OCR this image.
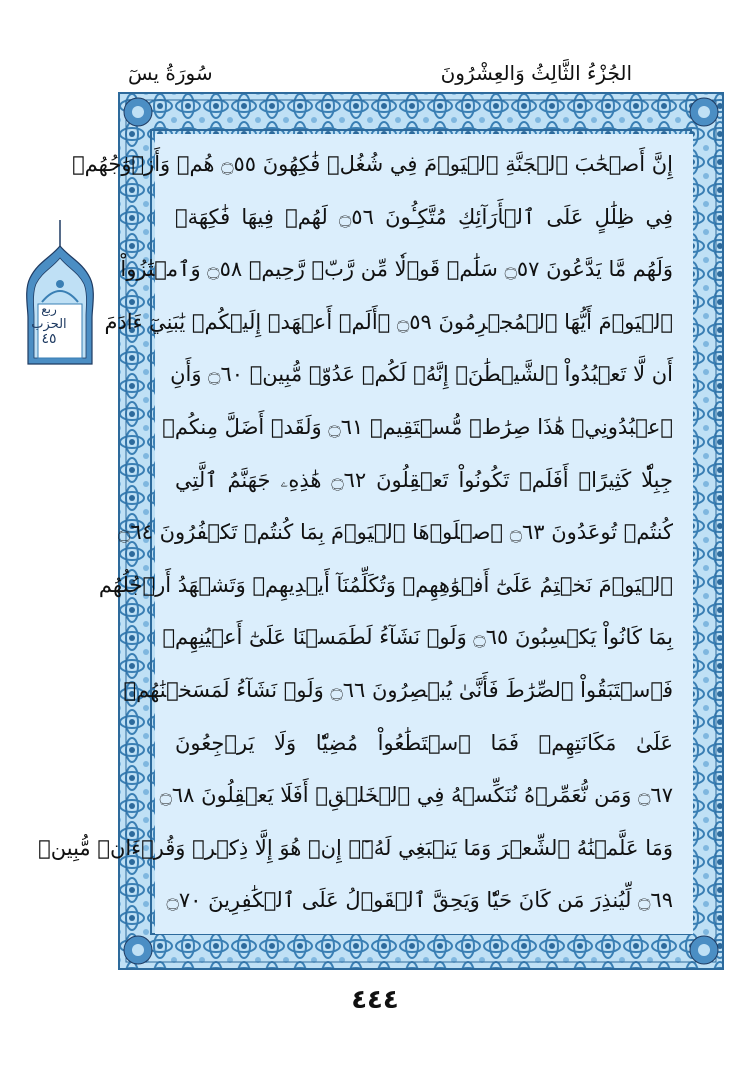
الجُزْءُ الثَّالِثُ وَالعِشْرُونَ
سُورَةُ يسٓ
ربع
الحزب
٤٥
إِنَّ أَصۡحَٰبَ ٱلۡجَنَّةِ ٱلۡيَوۡمَ فِي شُغُلٖ فَٰكِهُونَ ۝٥٥ هُمۡ وَأَزۡوَٰجُهُمۡ
فِي ظِلَٰلٍ عَلَى ٱلۡأَرَآئِكِ مُتَّكِـُٔونَ ۝٥٦ لَهُمۡ فِيهَا فَٰكِهَةٞ
وَلَهُم مَّا يَدَّعُونَ ۝٥٧ سَلَٰمٞ قَوۡلٗا مِّن رَّبّٖ رَّحِيمٖ ۝٥٨ وَٱمۡتَٰزُواْ
ٱلۡيَوۡمَ أَيُّهَا ٱلۡمُجۡرِمُونَ ۝٥٩ ۞أَلَمۡ أَعۡهَدۡ إِلَيۡكُمۡ يَٰبَنِيٓ ءَادَمَ
أَن لَّا تَعۡبُدُواْ ٱلشَّيۡطَٰنَۖ إِنَّهُۥ لَكُمۡ عَدُوّٞ مُّبِينٞ ۝٦٠ وَأَنِ
ٱعۡبُدُونِيۚ هَٰذَا صِرَٰطٞ مُّسۡتَقِيمٞ ۝٦١ وَلَقَدۡ أَضَلَّ مِنكُمۡ
جِبِلّٗا كَثِيرًاۖ أَفَلَمۡ تَكُونُواْ تَعۡقِلُونَ ۝٦٢ هَٰذِهِۦ جَهَنَّمُ ٱلَّتِي
كُنتُمۡ تُوعَدُونَ ۝٦٣ ٱصۡلَوۡهَا ٱلۡيَوۡمَ بِمَا كُنتُمۡ تَكۡفُرُونَ ۝٦٤
ٱلۡيَوۡمَ نَخۡتِمُ عَلَىٰٓ أَفۡوَٰهِهِمۡ وَتُكَلِّمُنَآ أَيۡدِيهِمۡ وَتَشۡهَدُ أَرۡجُلُهُم
بِمَا كَانُواْ يَكۡسِبُونَ ۝٦٥ وَلَوۡ نَشَآءُ لَطَمَسۡنَا عَلَىٰٓ أَعۡيُنِهِمۡ
فَٱسۡتَبَقُواْ ٱلصِّرَٰطَ فَأَنَّىٰ يُبۡصِرُونَ ۝٦٦ وَلَوۡ نَشَآءُ لَمَسَخۡنَٰهُمۡ
عَلَىٰ مَكَانَتِهِمۡ فَمَا ٱسۡتَطَٰعُواْ مُضِيّٗا وَلَا يَرۡجِعُونَ
۝٦٧ وَمَن نُّعَمِّرۡهُ نُنَكِّسۡهُ فِي ٱلۡخَلۡقِۚ أَفَلَا يَعۡقِلُونَ ۝٦٨
وَمَا عَلَّمۡنَٰهُ ٱلشِّعۡرَ وَمَا يَنۢبَغِي لَهُۥٓۚ إِنۡ هُوَ إِلَّا ذِكۡرٞ وَقُرۡءَانٞ مُّبِينٞ
۝٦٩ لِّيُنذِرَ مَن كَانَ حَيّٗا وَيَحِقَّ ٱلۡقَوۡلُ عَلَى ٱلۡكَٰفِرِينَ ۝٧٠
٤٤٤
